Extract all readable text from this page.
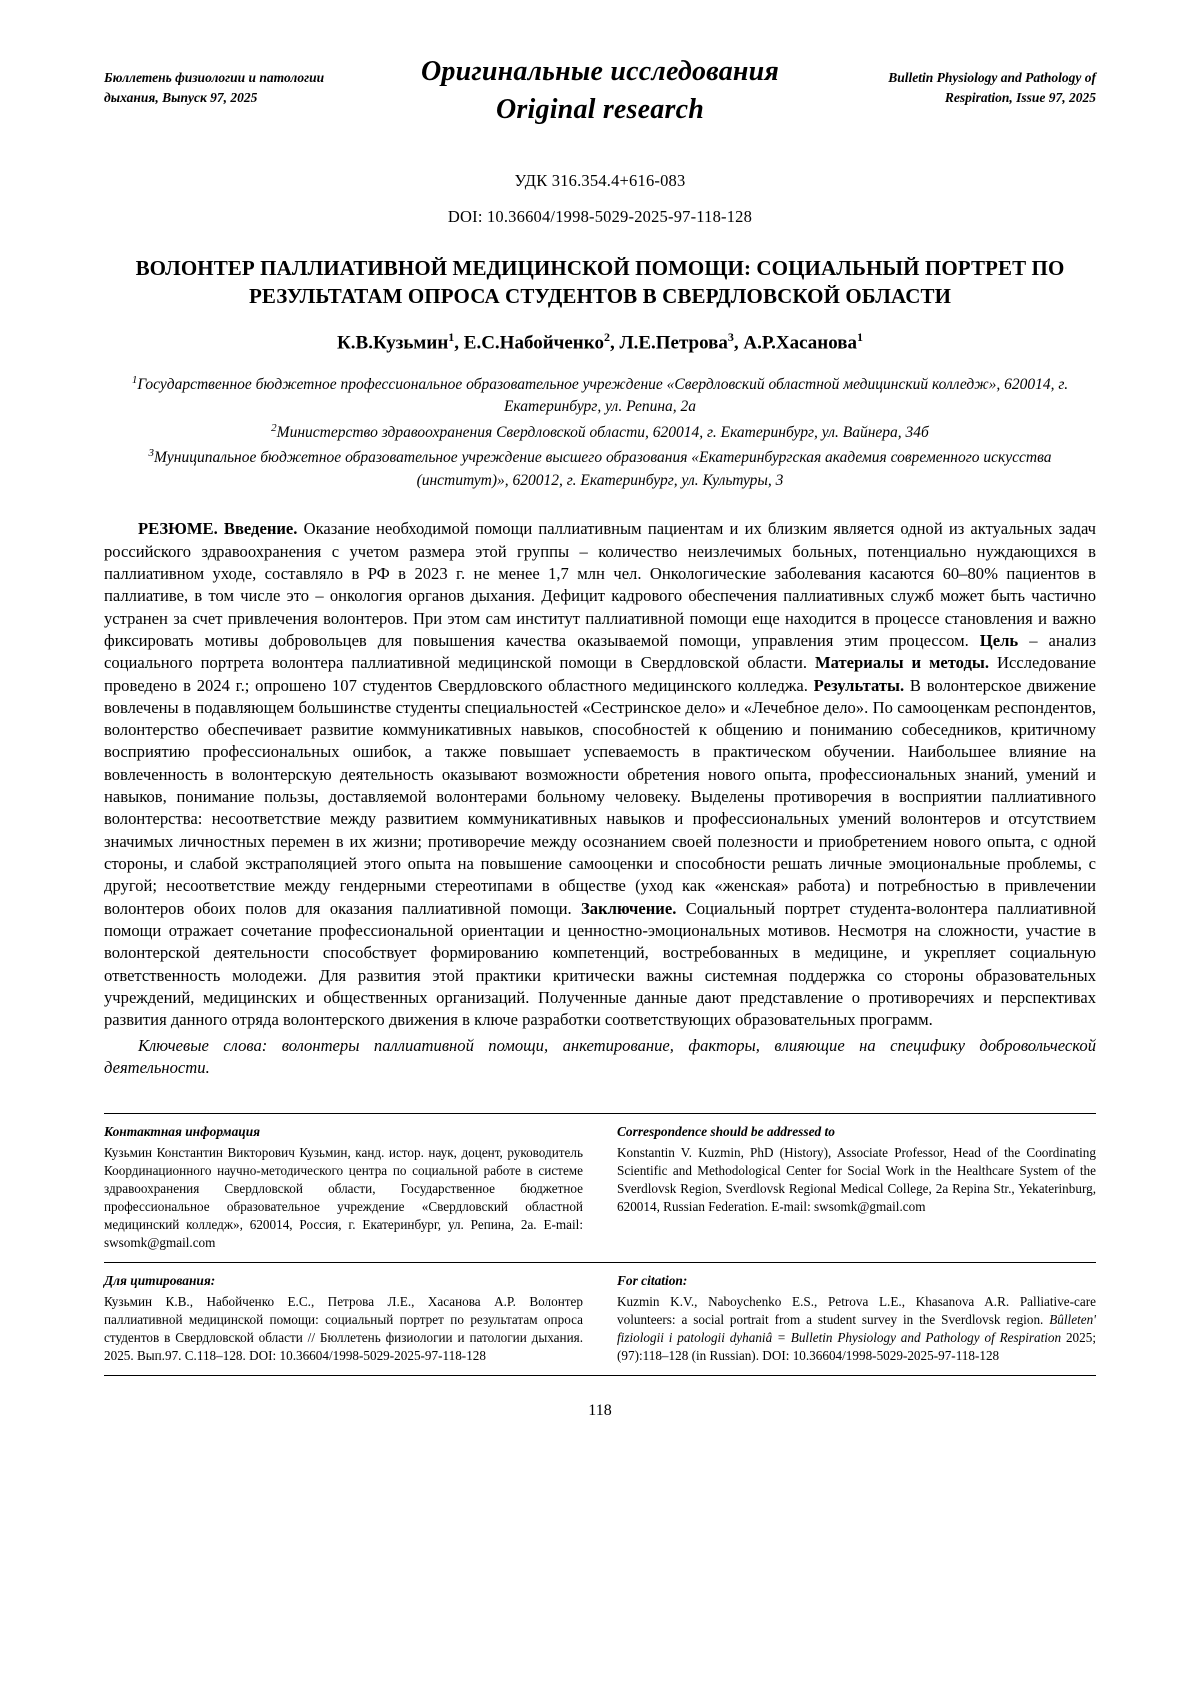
Бюллетень физиологии и патологии
дыхания, Выпуск 97, 2025
Оригинальные исследования
Original research
Bulletin Physiology and Pathology of
Respiration, Issue 97, 2025
УДК 316.354.4+616-083
DOI: 10.36604/1998-5029-2025-97-118-128
ВОЛОНТЕР ПАЛЛИАТИВНОЙ МЕДИЦИНСКОЙ ПОМОЩИ: СОЦИАЛЬНЫЙ ПОРТРЕТ ПО РЕЗУЛЬТАТАМ ОПРОСА СТУДЕНТОВ В СВЕРДЛОВСКОЙ ОБЛАСТИ
К.В.Кузьмин$^1$, Е.С.Набойченко$^2$, Л.Е.Петрова$^3$, А.Р.Хасанова$^1$
$^1$Государственное бюджетное профессиональное образовательное учреждение «Свердловский областной медицинский колледж», 620014, г. Екатеринбург, ул. Репина, 2а
$^2$Министерство здравоохранения Свердловской области, 620014, г. Екатеринбург, ул. Вайнера, 34б
$^3$Муниципальное бюджетное образовательное учреждение высшего образования «Екатеринбургская академия современного искусства (институт)», 620012, г. Екатеринбург, ул. Культуры, 3

РЕЗЮМЕ. Введение. Оказание необходимой помощи паллиативным пациентам и их близким является одной из актуальных задач российского здравоохранения с учетом размера этой группы – количество неизлечимых больных, потенциально нуждающихся в паллиативном уходе, составляло в РФ в 2023 г. не менее 1,7 млн чел. Онкологические заболевания касаются 60–80% пациентов в паллиативе, в том числе это – онкология органов дыхания. Дефицит кадрового обеспечения паллиативных служб может быть частично устранен за счет привлечения волонтеров. При этом сам институт паллиативной помощи еще находится в процессе становления и важно фиксировать мотивы добровольцев для повышения качества оказываемой помощи, управления этим процессом. Цель – анализ социального портрета волонтера паллиативной медицинской помощи в Свердловской области. Материалы и методы. Исследование проведено в 2024 г.; опрошено 107 студентов Свердловского областного медицинского колледжа. Результаты. В волонтерское движение вовлечены в подавляющем большинстве студенты специальностей «Сестринское дело» и «Лечебное дело». По самооценкам респондентов, волонтерство обеспечивает развитие коммуникативных навыков, способностей к общению и пониманию собеседников, критичному восприятию профессиональных ошибок, а также повышает успеваемость в практическом обучении. Наибольшее влияние на вовлеченность в волонтерскую деятельность оказывают возможности обретения нового опыта, профессиональных знаний, умений и навыков, понимание пользы, доставляемой волонтерами больному человеку. Выделены противоречия в восприятии паллиативного волонтерства: несоответствие между развитием коммуникативных навыков и профессиональных умений волонтеров и отсутствием значимых личностных перемен в их жизни; противоречие между осознанием своей полезности и приобретением нового опыта, с одной стороны, и слабой экстраполяцией этого опыта на повышение самооценки и способности решать личные эмоциональные проблемы, с другой; несоответствие между гендерными стереотипами в обществе (уход как «женская» работа) и потребностью в привлечении волонтеров обоих полов для оказания паллиативной помощи. Заключение. Социальный портрет студента-волонтера паллиативной помощи отражает сочетание профессиональной ориентации и ценностно-эмоциональных мотивов. Несмотря на сложности, участие в волонтерской деятельности способствует формированию компетенций, востребованных в медицине, и укрепляет социальную ответственность молодежи. Для развития этой практики критически важны системная поддержка со стороны образовательных учреждений, медицинских и общественных организаций. Полученные данные дают представление о противоречиях и перспективах развития данного отряда волонтерского движения в ключе разработки соответствующих образовательных программ.

Ключевые слова: волонтеры паллиативной помощи, анкетирование, факторы, влияющие на специфику добровольческой деятельности.
Контактная информация
Кузьмин Константин Викторович Кузьмин, канд. истор. наук, доцент, руководитель Координационного научно-методического центра по социальной работе в системе здравоохранения Свердловской области, Государственное бюджетное профессиональное образовательное учреждение «Свердловский областной медицинский колледж», 620014, Россия, г. Екатеринбург, ул. Репина, 2а. E-mail: swsomk@gmail.com
Correspondence should be addressed to
Konstantin V. Kuzmin, PhD (History), Associate Professor, Head of the Coordinating Scientific and Methodological Center for Social Work in the Healthcare System of the Sverdlovsk Region, Sverdlovsk Regional Medical College, 2a Repina Str., Yekaterinburg, 620014, Russian Federation. E-mail: swsomk@gmail.com
Для цитирования:
Кузьмин К.В., Набойченко Е.С., Петрова Л.Е., Хасанова А.Р. Волонтер паллиативной медицинской помощи: социальный портрет по результатам опроса студентов в Свердловской области // Бюллетень физиологии и патологии дыхания. 2025. Вып.97. С.118–128. DOI: 10.36604/1998-5029-2025-97-118-128
For citation:
Kuzmin K.V., Naboychenko E.S., Petrova L.E., Khasanova A.R. Palliative-care volunteers: a social portrait from a student survey in the Sverdlovsk region. Bûlleten' fiziologii i patologii dyhaniâ = Bulletin Physiology and Pathology of Respiration 2025; (97):118–128 (in Russian). DOI: 10.36604/1998-5029-2025-97-118-128
118
